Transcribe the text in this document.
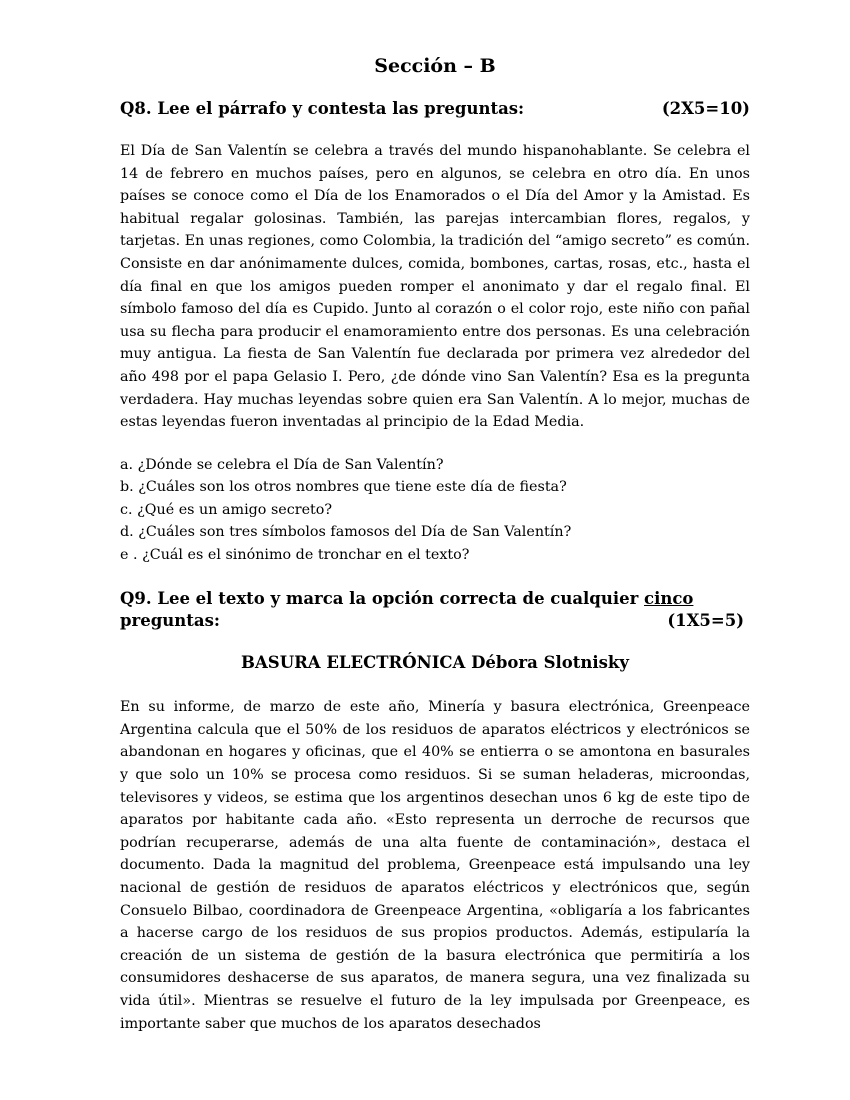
Sección – B
Q8. Lee el párrafo y contesta las preguntas:	(2X5=10)

El Día de San Valentín se celebra a través del mundo hispanohablante. Se celebra el 14 de febrero en muchos países, pero en algunos, se celebra en otro día. En unos países se conoce como el Día de los Enamorados o el Día del Amor y la Amistad. Es habitual regalar golosinas. También, las parejas intercambian flores, regalos, y tarjetas. En unas regiones, como Colombia, la tradición del “amigo secreto” es común. Consiste en dar anónimamente dulces, comida, bombones, cartas, rosas, etc., hasta el día final en que los amigos pueden romper el anonimato y dar el regalo final. El símbolo famoso del día es Cupido. Junto al corazón o el color rojo, este niño con pañal usa su flecha para producir el enamoramiento entre dos personas. Es una celebración muy antigua. La fiesta de San Valentín fue declarada por primera vez alrededor del año 498 por el papa Gelasio I. Pero, ¿de dónde vino San Valentín? Esa es la pregunta verdadera. Hay muchas leyendas sobre quien era San Valentín. A lo mejor, muchas de estas leyendas fueron inventadas al principio de la Edad Media.

a. ¿Dónde se celebra el Día de San Valentín?
b. ¿Cuáles son los otros nombres que tiene este día de fiesta?
c. ¿Qué es un amigo secreto?
d. ¿Cuáles son tres símbolos famosos del Día de San Valentín?
e . ¿Cuál es el sinónimo de tronchar en el texto?
Q9. Lee el texto y marca la opción correcta de cualquier cinco
preguntas:	(1X5=5)
BASURA ELECTRÓNICA Débora Slotnisky

En su informe, de marzo de este año, Minería y basura electrónica, Greenpeace Argentina calcula que el 50% de los residuos de aparatos eléctricos y electrónicos se abandonan en hogares y oficinas, que el 40% se entierra o se amontona en basurales y que solo un 10% se procesa como residuos. Si se suman heladeras, microondas, televisores y videos, se estima que los argentinos desechan unos 6 kg de este tipo de aparatos por habitante cada año. «Esto representa un derroche de recursos que podrían recuperarse, además de una alta fuente de contaminación», destaca el documento. Dada la magnitud del problema, Greenpeace está impulsando una ley nacional de gestión de residuos de aparatos eléctricos y electrónicos que, según Consuelo Bilbao, coordinadora de Greenpeace Argentina, «obligaría a los fabricantes a hacerse cargo de los residuos de sus propios productos. Además, estipularía la creación de un sistema de gestión de la basura electrónica que permitiría a los consumidores deshacerse de sus aparatos, de manera segura, una vez finalizada su vida útil». Mientras se resuelve el futuro de la ley impulsada por Greenpeace, es importante saber que muchos de los aparatos desechados
